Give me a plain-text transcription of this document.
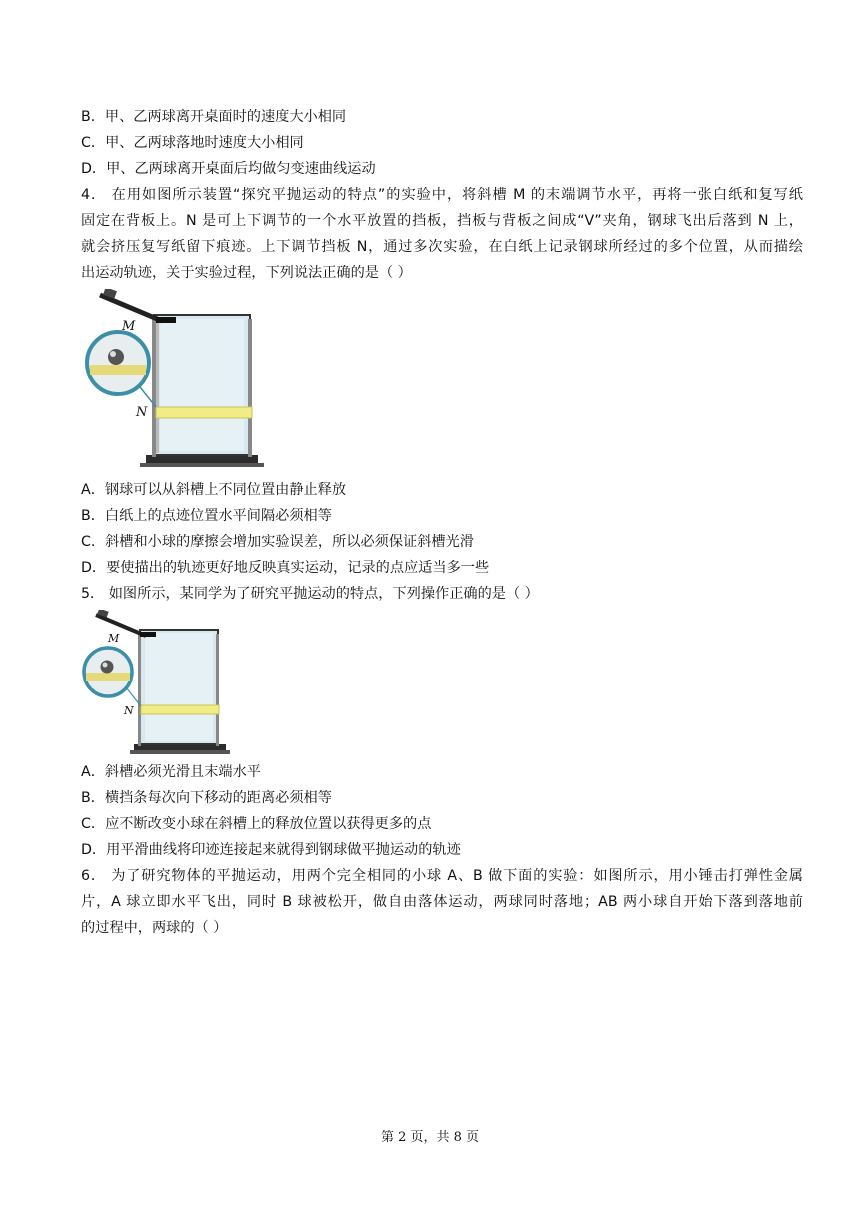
B．甲、乙两球离开桌面时的速度大小相同
C．甲、乙两球落地时速度大小相同
D．甲、乙两球离开桌面后均做匀变速曲线运动
4． 在用如图所示装置“探究平抛运动的特点”的实验中，将斜槽 M 的末端调节水平，再将一张白纸和复写纸
固定在背板上。N 是可上下调节的一个水平放置的挡板，挡板与背板之间成“V”夹角，钢球飞出后落到 N 上，
就会挤压复写纸留下痕迹。上下调节挡板 N，通过多次实验，在白纸上记录钢球所经过的多个位置，从而描绘
出运动轨迹，关于实验过程，下列说法正确的是（ ）
M
N
A．钢球可以从斜槽上不同位置由静止释放
B．白纸上的点迹位置水平间隔必须相等
C．斜槽和小球的摩擦会增加实验误差，所以必须保证斜槽光滑
D．要使描出的轨迹更好地反映真实运动，记录的点应适当多一些
5． 如图所示，某同学为了研究平抛运动的特点，下列操作正确的是（ ）
M
N
A．斜槽必须光滑且末端水平
B．横挡条每次向下移动的距离必须相等
C．应不断改变小球在斜槽上的释放位置以获得更多的点
D．用平滑曲线将印迹连接起来就得到钢球做平抛运动的轨迹
6． 为了研究物体的平抛运动，用两个完全相同的小球 A、B 做下面的实验：如图所示，用小锤击打弹性金属
片，A 球立即水平飞出，同时 B 球被松开，做自由落体运动，两球同时落地；AB 两小球自开始下落到落地前
的过程中，两球的（ ）
第 2 页，共 8 页
